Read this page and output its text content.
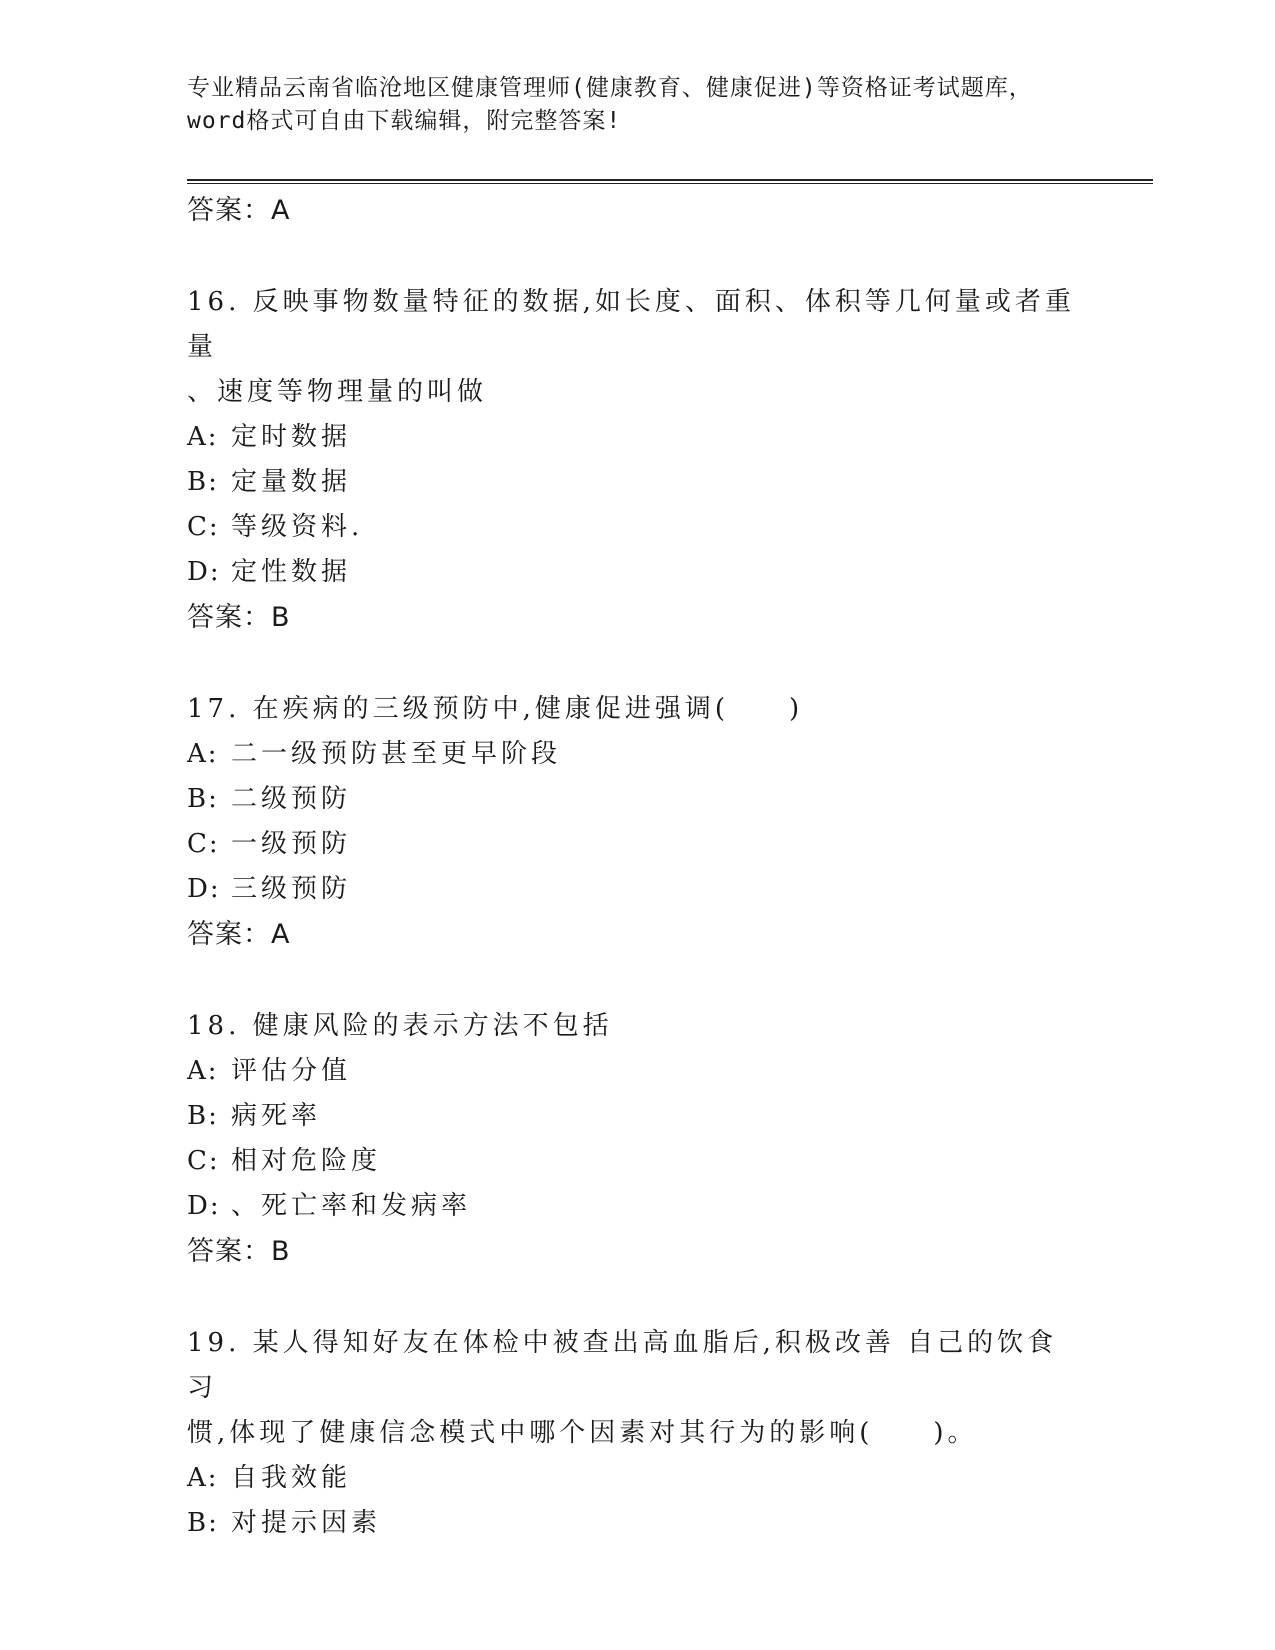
专业精品云南省临沧地区健康管理师(健康教育、健康促进)等资格证考试题库，
word格式可自由下载编辑，附完整答案!
答案：A
16. 反映事物数量特征的数据,如长度、面积、体积等几何量或者重量
、速度等物理量的叫做
A: 定时数据
B: 定量数据
C: 等级资料.
D: 定性数据
答案：B
17. 在疾病的三级预防中,健康促进强调(　　)
A: 二一级预防甚至更早阶段
B: 二级预防
C: 一级预防
D: 三级预防
答案：A
18. 健康风险的表示方法不包括
A: 评估分值
B: 病死率
C: 相对危险度
D: 、死亡率和发病率
答案：B
19. 某人得知好友在体检中被查出高血脂后,积极改善 自己的饮食习
惯,体现了健康信念模式中哪个因素对其行为的影响(　　)。
A: 自我效能
B: 对提示因素
